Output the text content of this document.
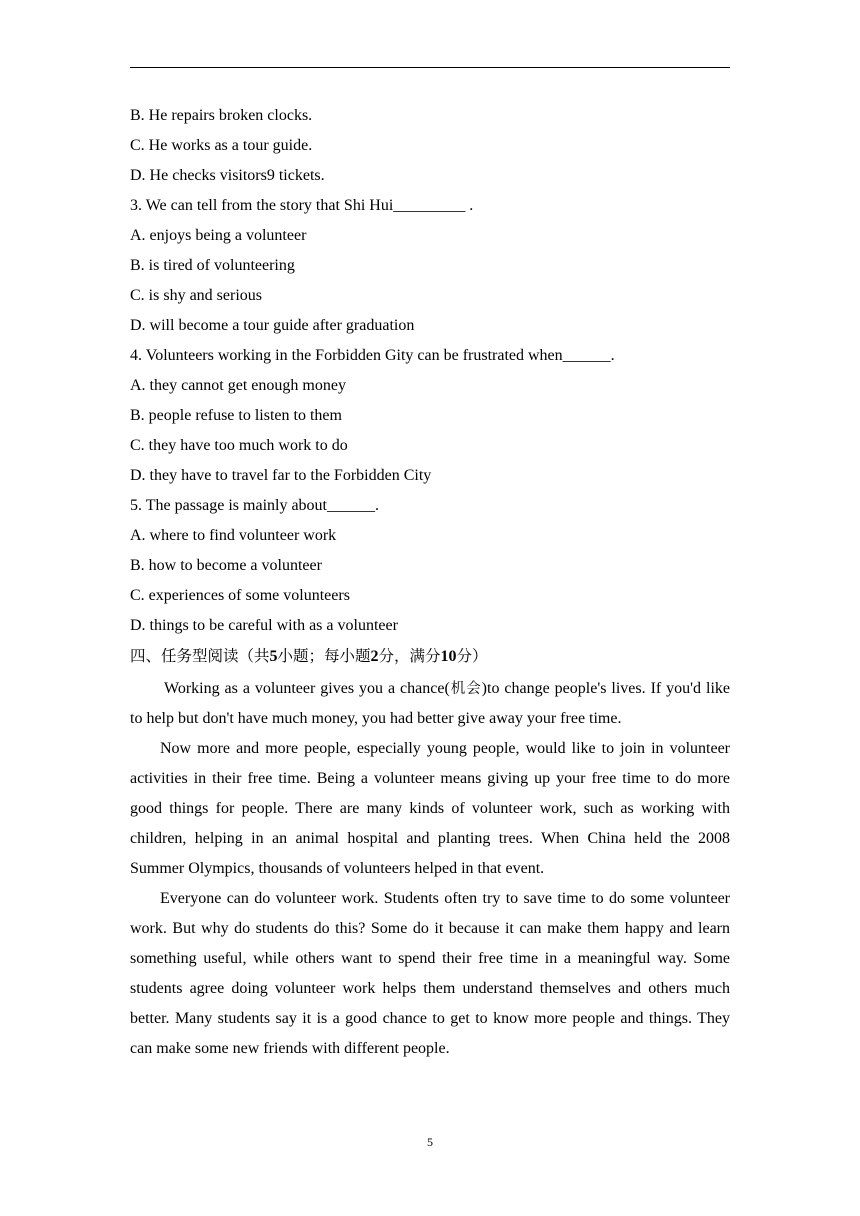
B. He repairs broken clocks.
C. He works as a tour guide.
D. He checks visitors9 tickets.
3. We can tell from the story that Shi Hui_________ .
A. enjoys being a volunteer
B. is tired of volunteering
C. is shy and serious
D. will become a tour guide after graduation
4. Volunteers working in the Forbidden Gity can be frustrated when______.
A. they cannot get enough money
B. people refuse to listen to them
C. they have too much work to do
D. they have to travel far to the Forbidden City
5. The passage is mainly about______.
A. where to find volunteer work
B. how to become a volunteer
C. experiences of some volunteers
D. things to be careful with as a volunteer
四、任务型阅读（共5小题；每小题2分，满分10分）

Working as a volunteer gives you a chance(机会)to change people's lives. If you'd like to help but don't have much money, you had better give away your free time.

Now more and more people, especially young people, would like to join in volunteer activities in their free time. Being a volunteer means giving up your free time to do more good things for people. There are many kinds of volunteer work, such as working with children, helping in an animal hospital and planting trees. When China held the 2008 Summer Olympics, thousands of volunteers helped in that event.

Everyone can do volunteer work. Students often try to save time to do some volunteer work. But why do students do this? Some do it because it can make them happy and learn something useful, while others want to spend their free time in a meaningful way. Some students agree doing volunteer work helps them understand themselves and others much better. Many students say it is a good chance to get to know more people and things. They can make some new friends with different people.

5
